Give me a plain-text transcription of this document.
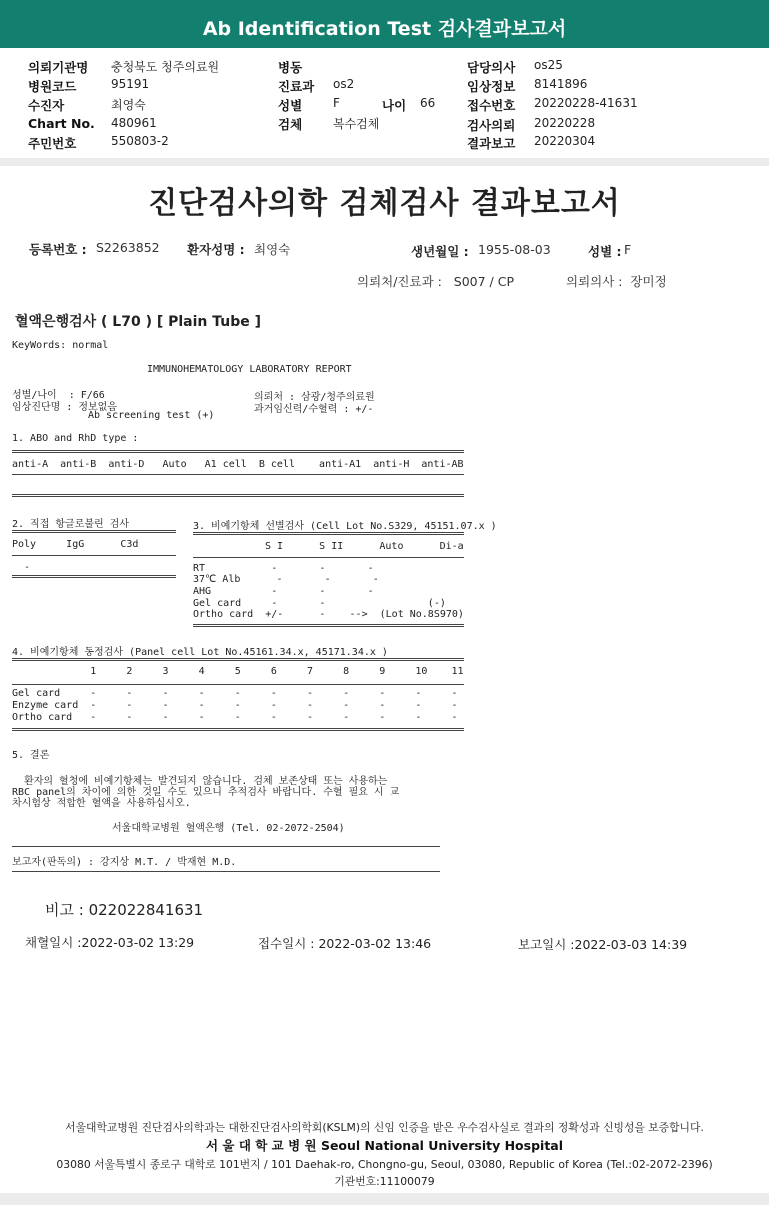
Ab Identification Test 검사결과보고서
의뢰기관명 충청북도 청주의료원
병원코드	95191
수진자	최영숙
Chart No. 480961
주민번호	550803-2
병동
진료과 os2
성별	F	나이 66
검체	복수검체
담당의사 os25
임상정보 8141896
접수번호 20220228-41631
검사의뢰 20220228
결과보고 20220304
진단검사의학 검체검사 결과보고서
등록번호 : S2263852 환자성명 : 최영숙	생년월일 : 1955-08-03	성별 : F
의뢰처/진료과 :   S007 / CP	의뢰의사 :  장미정
혈액은행검사 ( L70 ) [ Plain Tube ]
KeyWords: normal
IMMUNOHEMATOLOGY LABORATORY REPORT
성별/나이  : F/66	의뢰처 : 삼광/청주의료원
임상진단명 : 정보없음	과거임신력/수혈력 : +/-
Ab screening test (+)
1. ABO and RhD type :
anti-A  anti-B  anti-D   Auto   A1 cell  B cell    anti-A1  anti-H  anti-AB
2. 직접 항글로불린 검사
Poly     IgG      C3d
-
3. 비예기항체 선별검사 (Cell Lot No.S329, 45151.07.x )
S I      S II      Auto      Di-a
RT           -       -       -
37℃ Alb      -       -       -
AHG          -       -       -
Gel card     -       -                 (-)
Ortho card  +/-      -    -->  (Lot No.8S970)
4. 비예기항체 동정검사 (Panel cell Lot No.45161.34.x, 45171.34.x )
1     2     3     4     5     6     7     8     9     10    11
Gel card     -     -     -     -     -     -     -     -     -     -     -
Enzyme card  -     -     -     -     -     -     -     -     -     -     -
Ortho card   -     -     -     -     -     -     -     -     -     -     -
5. 결론
환자의 혈청에 비예기항체는 발견되지 않습니다. 검체 보존상태 또는 사용하는
RBC panel의 차이에 의한 것일 수도 있으니 추적검사 바랍니다. 수혈 필요 시 교
차시험상 적합한 혈액을 사용하십시오.
서울대학교병원 혈액은행 (Tel. 02-2072-2504)
보고자(판독의) : 강지상 M.T. / 박재현 M.D.
비고 : 022022841631
채혈일시 :2022-03-02 13:29	접수일시 : 2022-03-02 13:46	보고일시 :2022-03-03 14:39
서울대학교병원 진단검사의학과는 대한진단검사의학회(KSLM)의 신임 인증을 받은 우수검사실로 결과의 정확성과 신빙성을 보증합니다.
서 울 대 학 교 병 원 Seoul National University Hospital
03080 서울특별시 종로구 대학로 101번지 / 101 Daehak-ro, Chongno-gu, Seoul, 03080, Republic of Korea (Tel.:02-2072-2396)
기관번호:11100079
